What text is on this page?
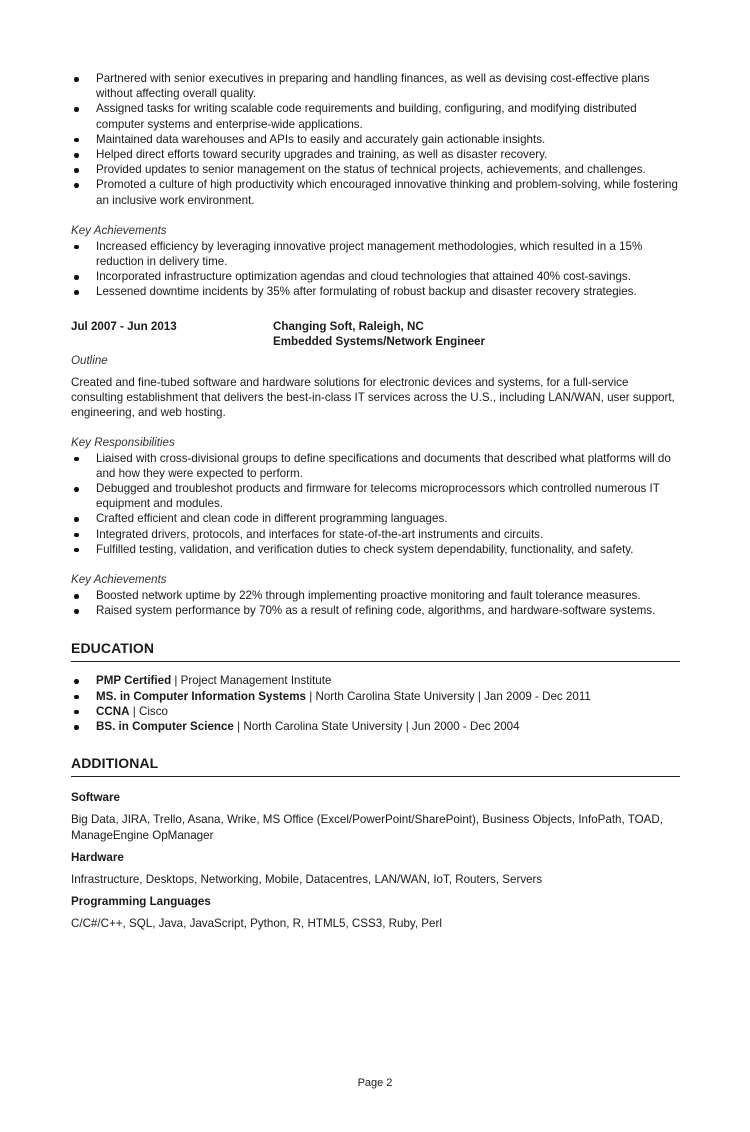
Partnered with senior executives in preparing and handling finances, as well as devising cost-effective plans without affecting overall quality.
Assigned tasks for writing scalable code requirements and building, configuring, and modifying distributed computer systems and enterprise-wide applications.
Maintained data warehouses and APIs to easily and accurately gain actionable insights.
Helped direct efforts toward security upgrades and training, as well as disaster recovery.
Provided updates to senior management on the status of technical projects, achievements, and challenges.
Promoted a culture of high productivity which encouraged innovative thinking and problem-solving, while fostering an inclusive work environment.
Key Achievements
Increased efficiency by leveraging innovative project management methodologies, which resulted in a 15% reduction in delivery time.
Incorporated infrastructure optimization agendas and cloud technologies that attained 40% cost-savings.
Lessened downtime incidents by 35% after formulating of robust backup and disaster recovery strategies.
Jul 2007 - Jun 2013	Changing Soft, Raleigh, NC
Embedded Systems/Network Engineer
Outline
Created and fine-tubed software and hardware solutions for electronic devices and systems, for a full-service consulting establishment that delivers the best-in-class IT services across the U.S., including LAN/WAN, user support, engineering, and web hosting.
Key Responsibilities
Liaised with cross-divisional groups to define specifications and documents that described what platforms will do and how they were expected to perform.
Debugged and troubleshot products and firmware for telecoms microprocessors which controlled numerous IT equipment and modules.
Crafted efficient and clean code in different programming languages.
Integrated drivers, protocols, and interfaces for state-of-the-art instruments and circuits.
Fulfilled testing, validation, and verification duties to check system dependability, functionality, and safety.
Key Achievements
Boosted network uptime by 22% through implementing proactive monitoring and fault tolerance measures.
Raised system performance by 70% as a result of refining code, algorithms, and hardware-software systems.
EDUCATION
PMP Certified | Project Management Institute
MS. in Computer Information Systems | North Carolina State University | Jan 2009 - Dec 2011
CCNA | Cisco
BS. in Computer Science | North Carolina State University | Jun 2000 - Dec 2004
ADDITIONAL
Software
Big Data, JIRA, Trello, Asana, Wrike, MS Office (Excel/PowerPoint/SharePoint), Business Objects, InfoPath, TOAD, ManageEngine OpManager
Hardware
Infrastructure, Desktops, Networking, Mobile, Datacentres, LAN/WAN, IoT, Routers, Servers
Programming Languages
C/C#/C++, SQL, Java, JavaScript, Python, R, HTML5, CSS3, Ruby, Perl
Page 2
